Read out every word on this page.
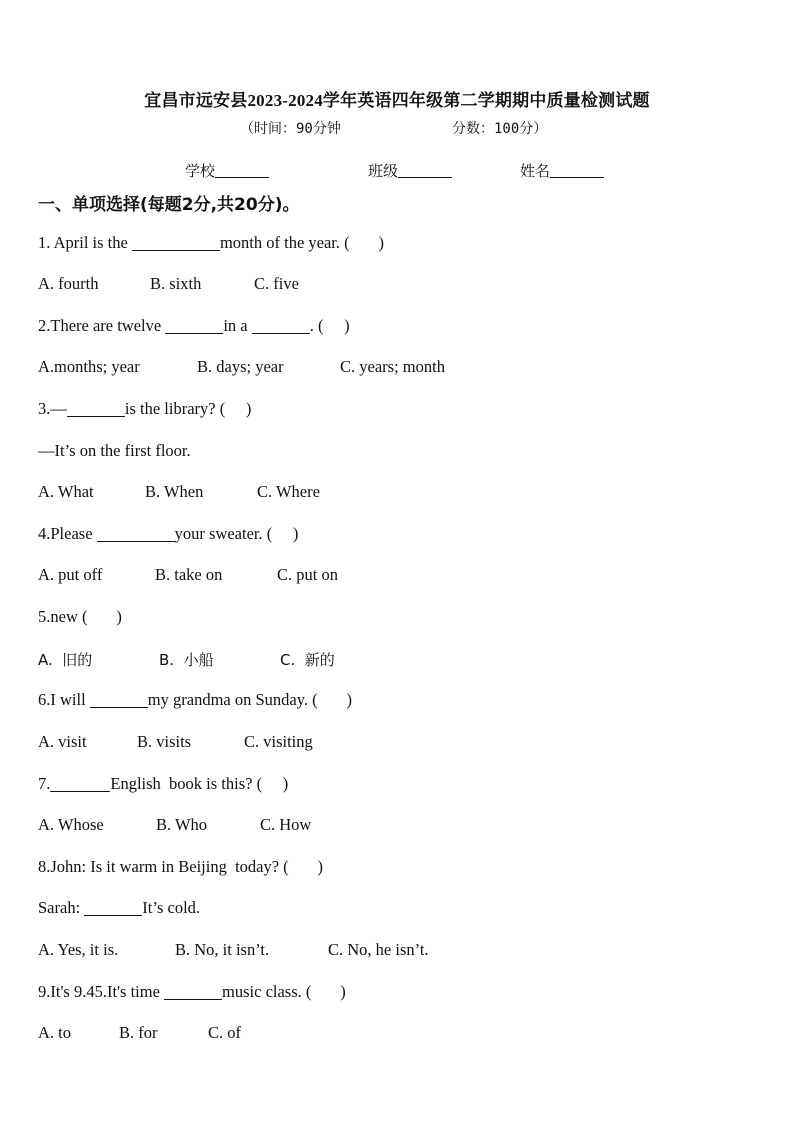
宜昌市远安县2023-2024学年英语四年级第二学期期中质量检测试题
（时间：90分钟	分数：100分）
学校	班级	姓名
一、单项选择(每题2分,共20分)。
1. April is the	month of the year. (       )
A. fourth	B. sixth	C. five
2.There are twelve	in a	. (     )
A.months; year	B. days; year	C. years; month
3.—	is the library? (     )
—It’s on the first floor.
A. What	B. When	C. Where
4.Please	your sweater. (     )
A. put off	B. take on	C. put on
5.new (       )
A.  旧的	B.  小船	C.  新的
6.I will	my grandma on Sunday. (       )
A. visit	B. visits	C. visiting
7.	English  book is this? (     )
A. Whose	B. Who	C. How
8.John: Is it warm in Beijing  today? (       )
Sarah:	It’s cold.
A. Yes, it is.	B. No, it isn’t.	C. No, he isn’t.
9.It's 9.45.It's time	music class. (       )
A. to	B. for	C. of
